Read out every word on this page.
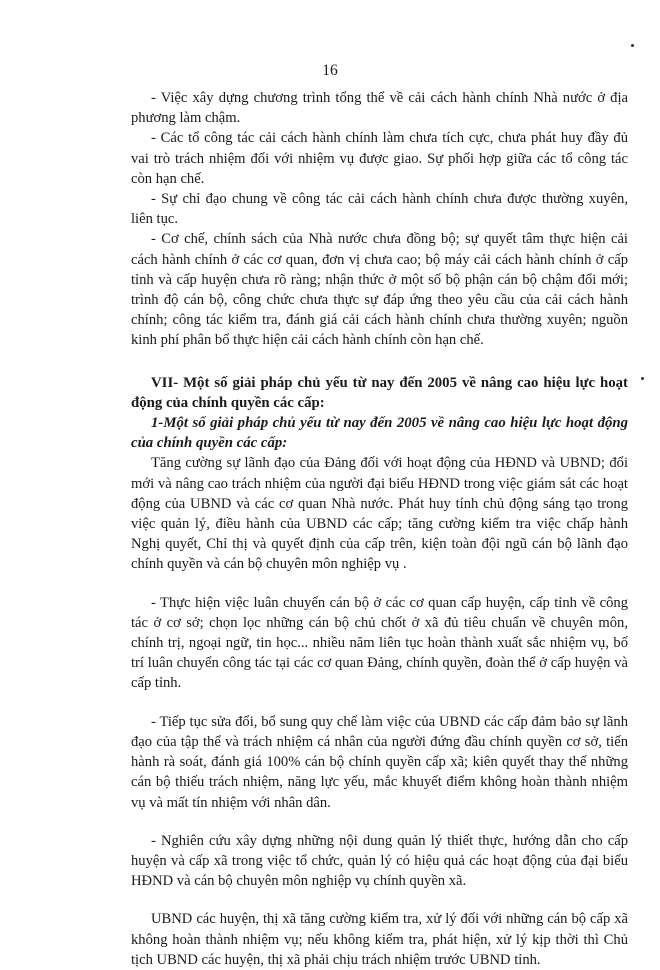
16

- Việc xây dựng chương trình tổng thể về cải cách hành chính Nhà nước ở địa phương làm chậm.

- Các tổ công tác cải cách hành chính làm chưa tích cực, chưa phát huy đầy đủ vai trò trách nhiệm đối với nhiệm vụ được giao. Sự phối hợp giữa các tổ công tác còn hạn chế.

- Sự chỉ đạo chung về công tác cải cách hành chính chưa được thường xuyên, liên tục.

- Cơ chế, chính sách của Nhà nước chưa đồng bộ; sự quyết tâm thực hiện cải cách hành chính ở các cơ quan, đơn vị chưa cao; bộ máy cải cách hành chính ở cấp tỉnh và cấp huyện chưa rõ ràng; nhận thức ở một số bộ phận cán bộ chậm đổi mới; trình độ cán bộ, công chức chưa thực sự đáp ứng theo yêu cầu của cải cách hành chính; công tác kiểm tra, đánh giá cải cách hành chính chưa thường xuyên; nguồn kinh phí phân bổ thực hiện cải cách hành chính còn hạn chế.

VII- Một số giải pháp chủ yếu từ nay đến 2005 về nâng cao hiệu lực hoạt động của chính quyền các cấp:

1-Một số giải pháp chủ yếu từ nay đến 2005 về nâng cao hiệu lực hoạt động của chính quyền các cấp:

Tăng cường sự lãnh đạo của Đảng đối với hoạt động của HĐND và UBND; đổi mới và nâng cao trách nhiệm của người đại biểu HĐND trong việc giám sát các hoạt động của UBND và các cơ quan Nhà nước. Phát huy tính chủ động sáng tạo trong việc quản lý, điều hành của UBND các cấp; tăng cường kiểm tra việc chấp hành Nghị quyết, Chỉ thị và quyết định của cấp trên, kiện toàn đội ngũ cán bộ lãnh đạo chính quyền và cán bộ chuyên môn nghiệp vụ .

- Thực hiện việc luân chuyển cán bộ ở các cơ quan cấp huyện, cấp tỉnh về công tác ở cơ sở; chọn lọc những cán bộ chủ chốt ở xã đủ tiêu chuẩn về chuyên môn, chính trị, ngoại ngữ, tin học... nhiều năm liên tục hoàn thành xuất sắc nhiệm vụ, bố trí luân chuyển công tác tại các cơ quan Đảng, chính quyền, đoàn thể ở cấp huyện và cấp tỉnh.

- Tiếp tục sửa đổi, bổ sung quy chế làm việc của UBND các cấp đảm bảo sự lãnh đạo của tập thể và trách nhiệm cá nhân của người đứng đầu chính quyền cơ sở, tiến hành rà soát, đánh giá 100% cán bộ chính quyền cấp xã; kiên quyết thay thế những cán bộ thiếu trách nhiệm, năng lực yếu, mắc khuyết điểm không hoàn thành nhiệm vụ và mất tín nhiệm với nhân dân.

- Nghiên cứu xây dựng những nội dung quản lý thiết thực, hướng dẫn cho cấp huyện và cấp xã trong việc tổ chức, quản lý có hiệu quả các hoạt động của đại biểu HĐND và cán bộ chuyên môn nghiệp vụ chính quyền xã.

UBND các huyện, thị xã tăng cường kiểm tra, xử lý đối với những cán bộ cấp xã không hoàn thành nhiệm vụ; nếu không kiểm tra, phát hiện, xử lý kịp thời thì Chủ tịch UBND các huyện, thị xã phải chịu trách nhiệm trước UBND tỉnh.
